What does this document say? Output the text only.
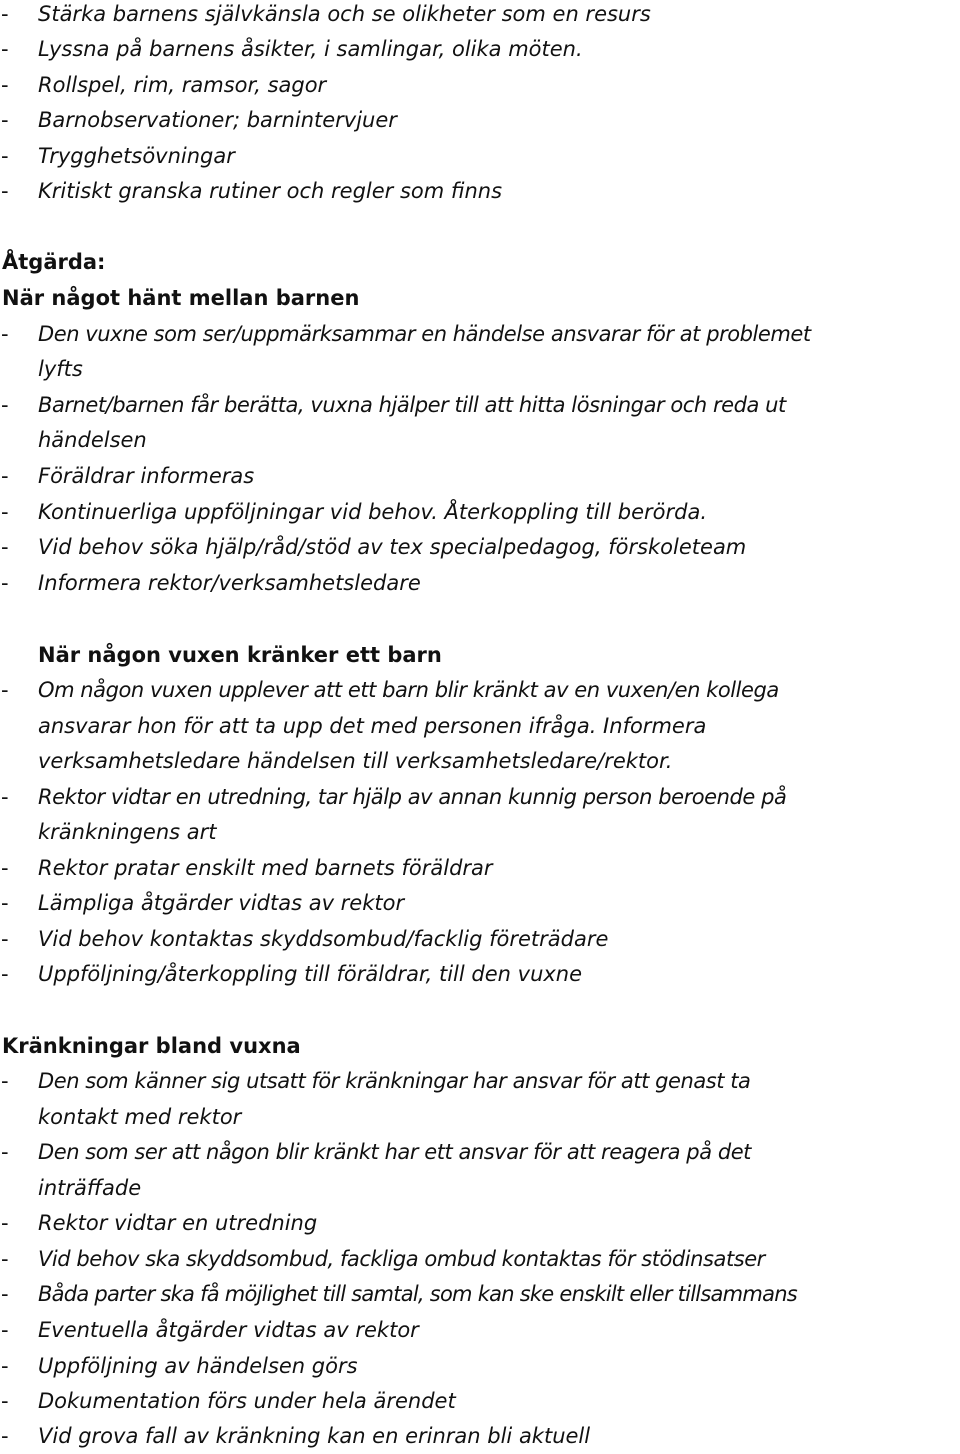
- Stärka barnens självkänsla och se olikheter som en resurs
- Lyssna på barnens åsikter, i samlingar, olika möten.
- Rollspel, rim, ramsor, sagor
- Barnobservationer; barnintervjuer
- Trygghetsövningar
- Kritiskt granska rutiner och regler som finns
Åtgärda:
När något hänt mellan barnen
- Den vuxne som ser/uppmärksammar en händelse ansvarar för at problemet
lyfts
- Barnet/barnen får berätta, vuxna hjälper till att hitta lösningar och reda ut
händelsen
- Föräldrar informeras
- Kontinuerliga uppföljningar vid behov. Återkoppling till berörda.
- Vid behov söka hjälp/råd/stöd av tex specialpedagog, förskoleteam
- Informera rektor/verksamhetsledare
När någon vuxen kränker ett barn
- Om någon vuxen upplever att ett barn blir kränkt av en vuxen/en kollega
ansvarar hon för att ta upp det med personen ifråga. Informera
verksamhetsledare händelsen till verksamhetsledare/rektor.
- Rektor vidtar en utredning, tar hjälp av annan kunnig person beroende på
kränkningens art
- Rektor pratar enskilt med barnets föräldrar
- Lämpliga åtgärder vidtas av rektor
- Vid behov kontaktas skyddsombud/facklig företrädare
- Uppföljning/återkoppling till föräldrar, till den vuxne
Kränkningar bland vuxna
- Den som känner sig utsatt för kränkningar har ansvar för att genast ta
kontakt med rektor
- Den som ser att någon blir kränkt har ett ansvar för att reagera på det
inträffade
- Rektor vidtar en utredning
- Vid behov ska skyddsombud, fackliga ombud kontaktas för stödinsatser
- Båda parter ska få möjlighet till samtal, som kan ske enskilt eller tillsammans
- Eventuella åtgärder vidtas av rektor
- Uppföljning av händelsen görs
- Dokumentation förs under hela ärendet
- Vid grova fall av kränkning kan en erinran bli aktuell
